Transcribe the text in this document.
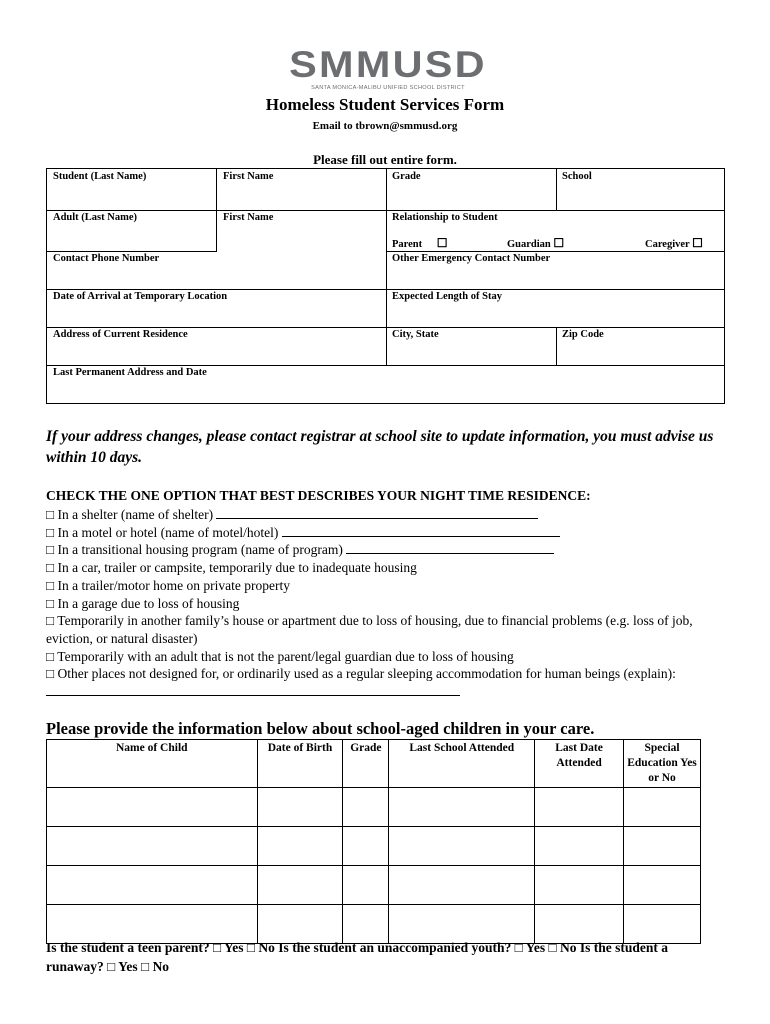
SMMUSD
SANTA MONICA-MALIBU UNIFIED SCHOOL DISTRICT
Homeless Student Services Form
Email to tbrown@smmusd.org
Please fill out entire form.
Student (Last Name)	First Name	Grade	School
Adult (Last Name)	First Name	Relationship to Student
Parent ☐	Guardian ☐	Caregiver ☐
Contact Phone Number	Other Emergency Contact Number
Date of Arrival at Temporary Location	Expected Length of Stay
Address of Current Residence	City, State	Zip Code
Last Permanent Address and Date
If your address changes, please contact registrar at school site to update information, you must advise us within 10 days.
CHECK THE ONE OPTION THAT BEST DESCRIBES YOUR NIGHT TIME RESIDENCE:

□ In a shelter (name of shelter)

□ In a motel or hotel (name of motel/hotel)

□ In a transitional housing program (name of program)

□ In a car, trailer or campsite, temporarily due to inadequate housing

□ In a trailer/motor home on private property

□ In a garage due to loss of housing

□ Temporarily in another family’s house or apartment due to loss of housing, due to financial problems (e.g. loss of job, eviction, or natural disaster)

□ Temporarily with an adult that is not the parent/legal guardian due to loss of housing

□ Other places not designed for, or ordinarily used as a regular sleeping accommodation for human beings (explain):

Please provide the information below about school-aged children in your care.
Name of Child	Date of Birth	Grade	Last School Attended	Last Date Attended	Special Education Yes or No

Is the student a teen parent? □ Yes □ No Is the student an unaccompanied youth? □ Yes □ No Is the student a runaway? □ Yes □ No
